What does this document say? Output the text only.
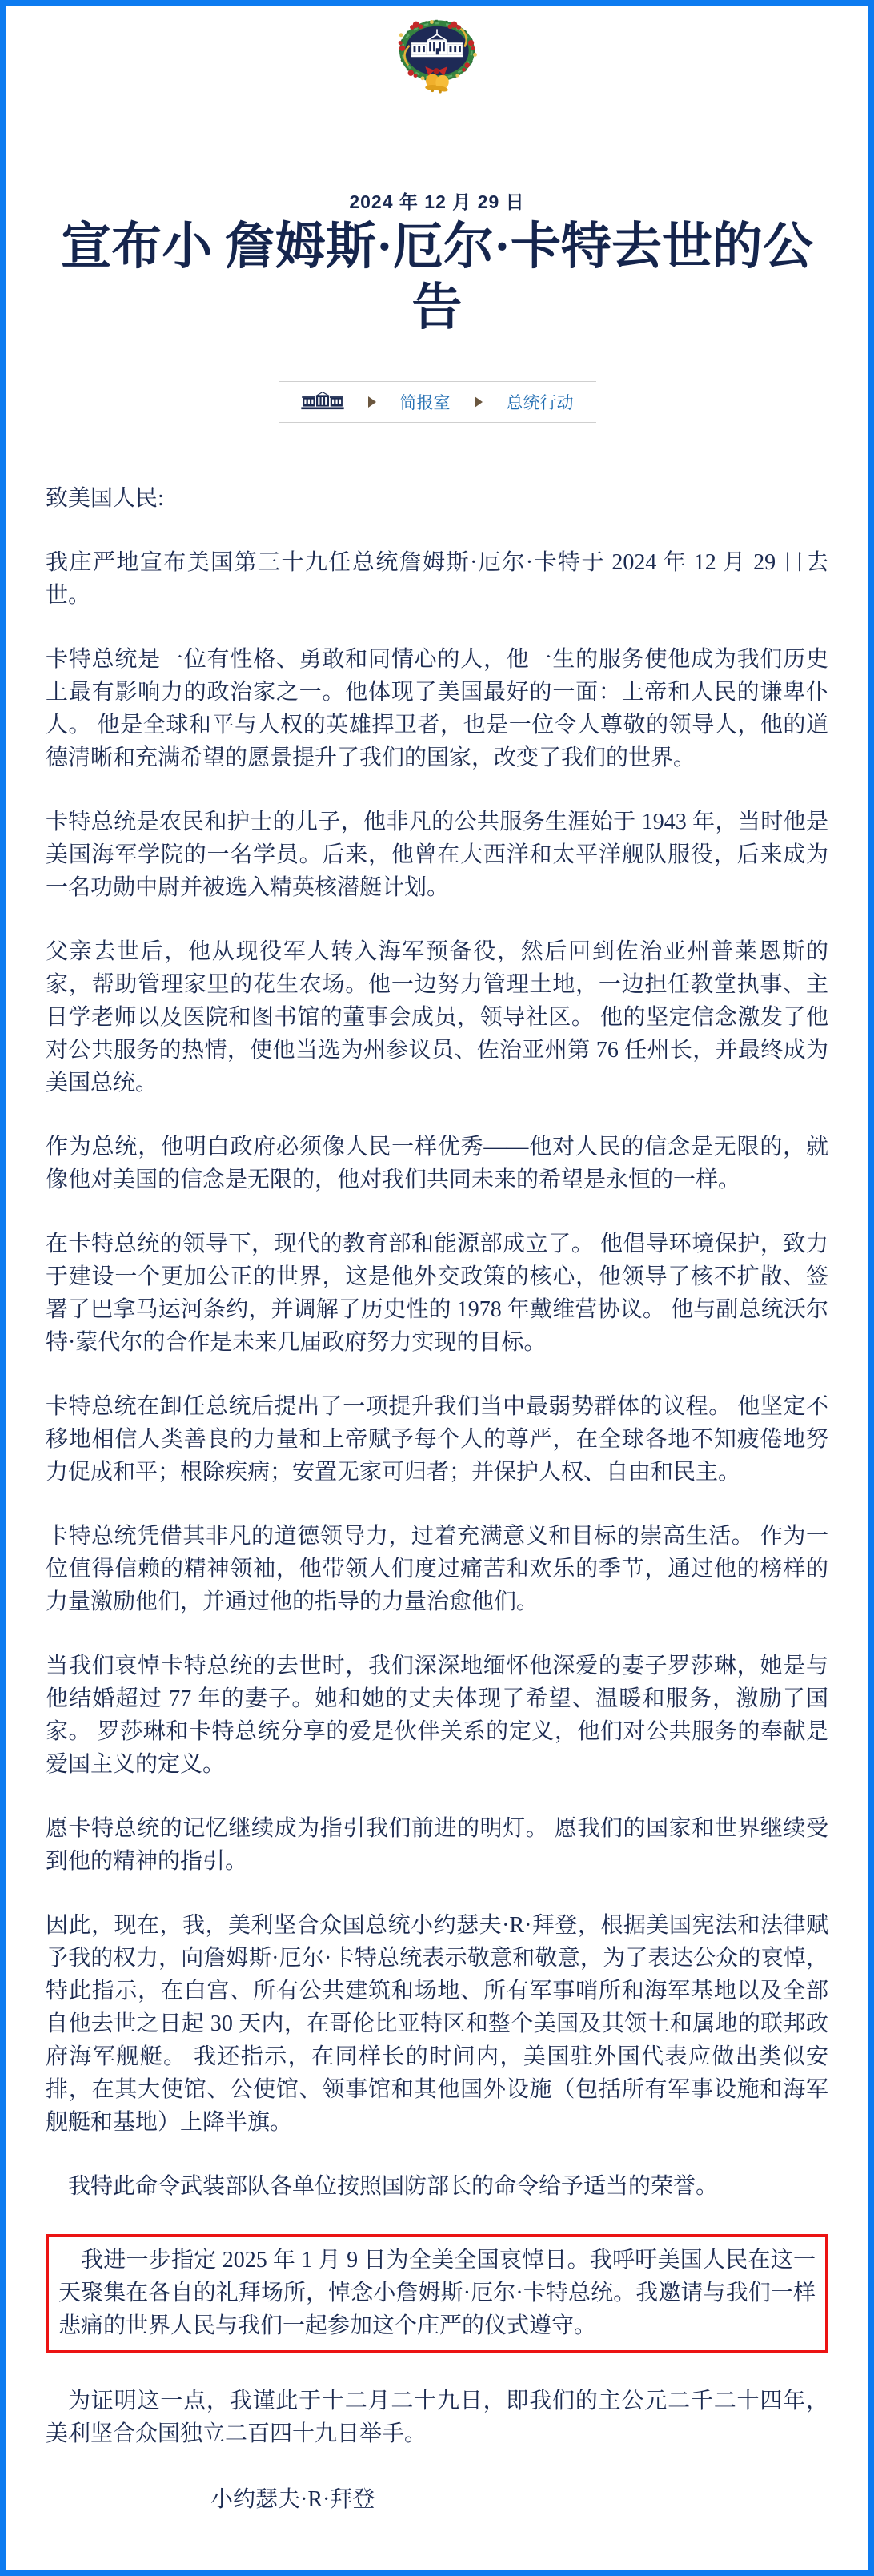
2024 年 12 月 29 日
宣布小 詹姆斯·厄尔·卡特去世的公告
简报室	总统行动

致美国人民:

我庄严地宣布美国第三十九任总统詹姆斯·厄尔·卡特于 2024 年 12 月 29 日去世。

卡特总统是一位有性格、勇敢和同情心的人，他一生的服务使他成为我们历史上最有影响力的政治家之一。他体现了美国最好的一面：上帝和人民的谦卑仆人。 他是全球和平与人权的英雄捍卫者，也是一位令人尊敬的领导人，他的道德清晰和充满希望的愿景提升了我们的国家，改变了我们的世界。

卡特总统是农民和护士的儿子，他非凡的公共服务生涯始于 1943 年，当时他是美国海军学院的一名学员。后来，他曾在大西洋和太平洋舰队服役，后来成为一名功勋中尉并被选入精英核潜艇计划。

父亲去世后，他从现役军人转入海军预备役，然后回到佐治亚州普莱恩斯的家，帮助管理家里的花生农场。他一边努力管理土地，一边担任教堂执事、主日学老师以及医院和图书馆的董事会成员，领导社区。 他的坚定信念激发了他对公共服务的热情，使他当选为州参议员、佐治亚州第 76 任州长，并最终成为美国总统。

作为总统，他明白政府必须像人民一样优秀——他对人民的信念是无限的，就像他对美国的信念是无限的，他对我们共同未来的希望是永恒的一样。

在卡特总统的领导下，现代的教育部和能源部成立了。 他倡导环境保护，致力于建设一个更加公正的世界，这是他外交政策的核心，他领导了核不扩散、签署了巴拿马运河条约，并调解了历史性的 1978 年戴维营协议。 他与副总统沃尔特·蒙代尔的合作是未来几届政府努力实现的目标。

卡特总统在卸任总统后提出了一项提升我们当中最弱势群体的议程。 他坚定不移地相信人类善良的力量和上帝赋予每个人的尊严，在全球各地不知疲倦地努力促成和平；根除疾病；安置无家可归者；并保护人权、自由和民主。

卡特总统凭借其非凡的道德领导力，过着充满意义和目标的崇高生活。 作为一位值得信赖的精神领袖，他带领人们度过痛苦和欢乐的季节，通过他的榜样的力量激励他们，并通过他的指导的力量治愈他们。

当我们哀悼卡特总统的去世时，我们深深地缅怀他深爱的妻子罗莎琳，她是与他结婚超过 77 年的妻子。她和她的丈夫体现了希望、温暖和服务，激励了国家。 罗莎琳和卡特总统分享的爱是伙伴关系的定义，他们对公共服务的奉献是爱国主义的定义。

愿卡特总统的记忆继续成为指引我们前进的明灯。 愿我们的国家和世界继续受到他的精神的指引。

因此，现在，我，美利坚合众国总统小约瑟夫·R·拜登，根据美国宪法和法律赋予我的权力，向詹姆斯·厄尔·卡特总统表示敬意和敬意，为了表达公众的哀悼，特此指示，在白宫、所有公共建筑和场地、所有军事哨所和海军基地以及全部自他去世之日起 30 天内，在哥伦比亚特区和整个美国及其领土和属地的联邦政府海军舰艇。 我还指示，在同样长的时间内，美国驻外国代表应做出类似安排，在其大使馆、公使馆、领事馆和其他国外设施（包括所有军事设施和海军舰艇和基地）上降半旗。

我特此命令武装部队各单位按照国防部长的命令给予适当的荣誉。

我进一步指定 2025 年 1 月 9 日为全美全国哀悼日。我呼吁美国人民在这一天聚集在各自的礼拜场所，悼念小詹姆斯·厄尔·卡特总统。我邀请与我们一样悲痛的世界人民与我们一起参加这个庄严的仪式遵守。

为证明这一点，我谨此于十二月二十九日，即我们的主公元二千二十四年，美利坚合众国独立二百四十九日举手。

小约瑟夫·R·拜登
